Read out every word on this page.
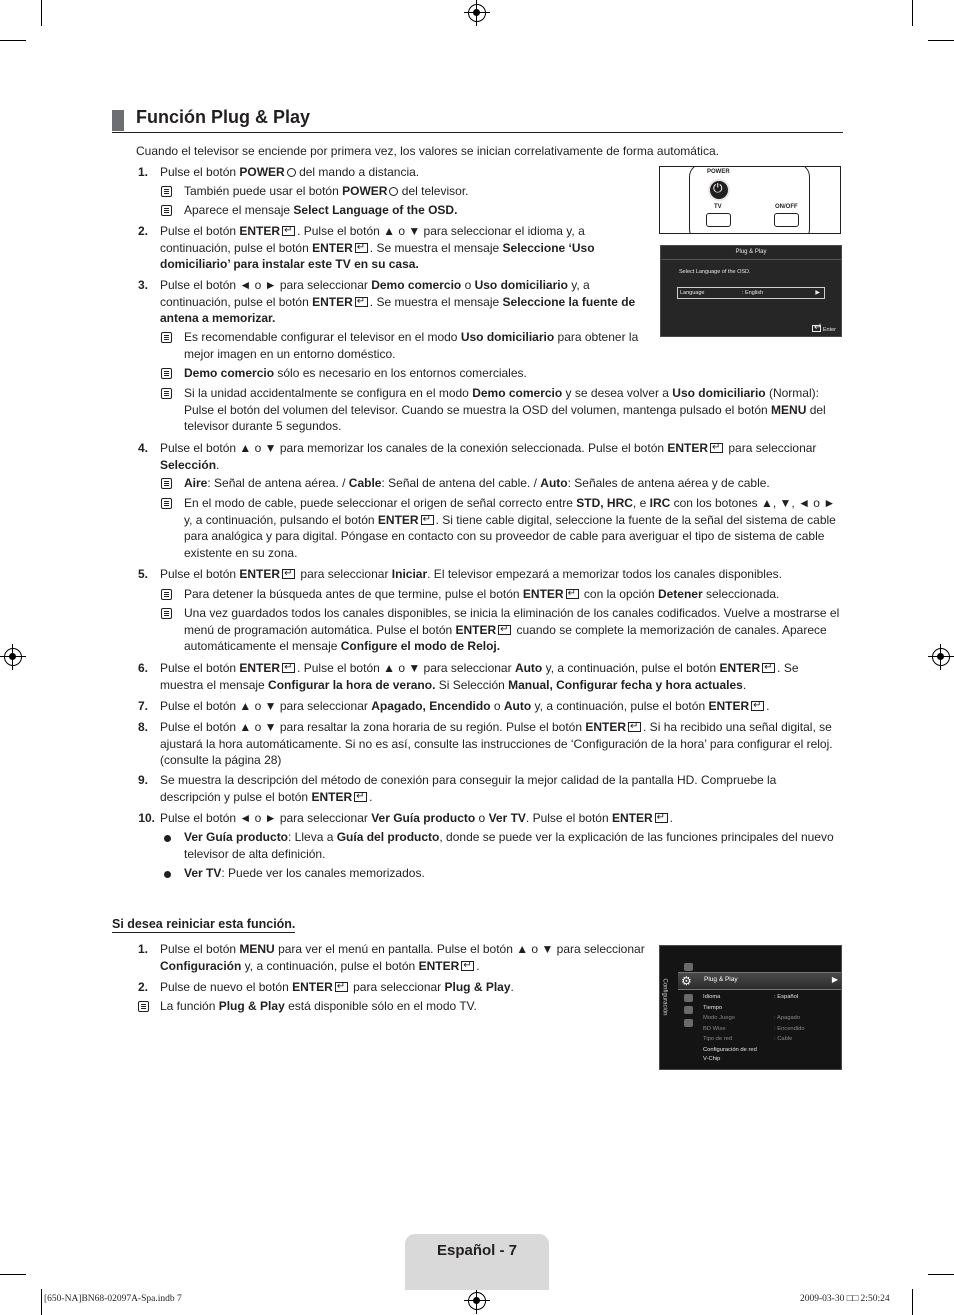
Función Plug & Play
Cuando el televisor se enciende por primera vez, los valores se inician correlativamente de forma automática.
POWER
⏻
TV	ON/OFF
Plug & Play
Select Language of the OSD.
Language	: English	▶
↵Enter
1. Pulse el botón POWER del mando a distancia.
También puede usar el botón POWER del televisor.
Aparece el mensaje Select Language of the OSD.
2. Pulse el botón ENTER ↵ . Pulse el botón ▲ o ▼ para seleccionar el idioma y, a continuación, pulse el botón ENTER ↵ . Se muestra el mensaje Seleccione ‘Uso domiciliario’ para instalar este TV en su casa.
3. Pulse el botón ◄ o ► para seleccionar Demo comercio o Uso domiciliario y, a continuación, pulse el botón ENTER ↵ . Se muestra el mensaje Seleccione la fuente de antena a memorizar.
Es recomendable configurar el televisor en el modo Uso domiciliario para obtener la mejor imagen en un entorno doméstico.
Demo comercio sólo es necesario en los entornos comerciales.
Si la unidad accidentalmente se configura en el modo Demo comercio y se desea volver a Uso domiciliario (Normal): Pulse el botón del volumen del televisor. Cuando se muestra la OSD del volumen, mantenga pulsado el botón MENU del televisor durante 5 segundos.
4. Pulse el botón ▲ o ▼ para memorizar los canales de la conexión seleccionada. Pulse el botón ENTER↵ para seleccionar Selección.
Aire: Señal de antena aérea. / Cable: Señal de antena del cable. / Auto: Señales de antena aérea y de cable.
En el modo de cable, puede seleccionar el origen de señal correcto entre STD, HRC, e IRC con los botones ▲, ▼, ◄ o ► y, a continuación, pulsando el botón ENTER ↵ . Si tiene cable digital, seleccione la fuente de la señal del sistema de cable para analógica y para digital. Póngase en contacto con su proveedor de cable para averiguar el tipo de sistema de cable existente en su zona.
5. Pulse el botón ENTER↵ para seleccionar Iniciar. El televisor empezará a memorizar todos los canales disponibles.
Para detener la búsqueda antes de que termine, pulse el botón ENTER↵ con la opción Detener seleccionada.
Una vez guardados todos los canales disponibles, se inicia la eliminación de los canales codificados. Vuelve a mostrarse el menú de programación automática. Pulse el botón ENTER↵ cuando se complete la memorización de canales. Aparece automáticamente el mensaje Configure el modo de Reloj.
6. Pulse el botón ENTER ↵ . Pulse el botón ▲ o ▼ para seleccionar Auto y, a continuación, pulse el botón ENTER ↵ . Se muestra el mensaje Configurar la hora de verano. Si Selección Manual, Configurar fecha y hora actuales.
7. Pulse el botón ▲ o ▼ para seleccionar Apagado, Encendido o Auto y, a continuación, pulse el botón ENTER ↵ .
8. Pulse el botón ▲ o ▼ para resaltar la zona horaria de su región. Pulse el botón ENTER ↵ . Si ha recibido una señal digital, se ajustará la hora automáticamente. Si no es así, consulte las instrucciones de ‘Configuración de la hora’ para configurar el reloj. (consulte la página 28)
9. Se muestra la descripción del método de conexión para conseguir la mejor calidad de la pantalla HD. Compruebe la descripción y pulse el botón ENTER ↵ .
10. Pulse el botón ◄ o ► para seleccionar Ver Guía producto o Ver TV. Pulse el botón ENTER ↵ .
Ver Guía producto: Lleva a Guía del producto, donde se puede ver la explicación de las funciones principales del nuevo televisor de alta definición.
Ver TV: Puede ver los canales memorizados.
Si desea reiniciar esta función.
1. Pulse el botón MENU para ver el menú en pantalla. Pulse el botón ▲ o ▼ para seleccionar Configuración y, a continuación, pulse el botón ENTER ↵ .
2. Pulse de nuevo el botón ENTER↵ para seleccionar Plug & Play.
La función Plug & Play está disponible sólo en el modo TV.	Configuración ⚙ Plug & Play	▶
Idioma	: Español
Tiempo
Modo Juego	: Apagado
BD Wise	: Encendido
Tipo de red	: Cable
Configuración de red
V-Chip
Español - 7
[650-NA]BN68-02097A-Spa.indb 7	2009-03-30 □□ 2:50:24
